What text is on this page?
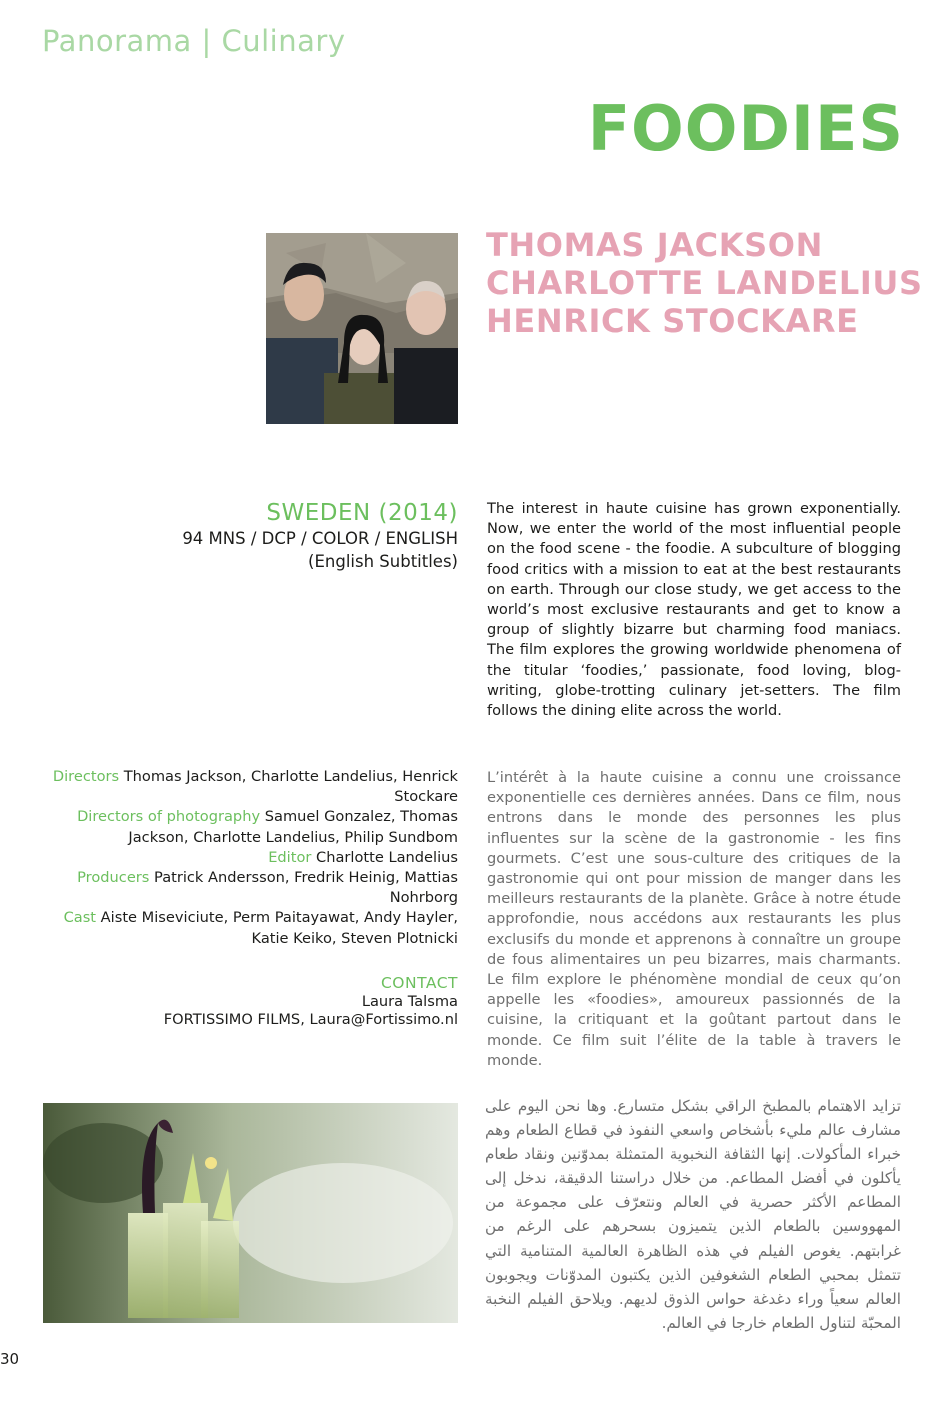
Panorama | Culinary
FOODIES
THOMAS JACKSON
CHARLOTTE LANDELIUS
HENRICK STOCKARE
SWEDEN (2014)
94 MNS / DCP / COLOR / ENGLISH
(English Subtitles)
The interest in haute cuisine has grown exponentially. Now, we enter the world of the most influential people on the food scene - the foodie. A subculture of blogging food critics with a mission to eat at the best restaurants on earth. Through our close study, we get access to the world’s most exclusive restaurants and get to know a group of slightly bizarre but charming food maniacs. The film explores the growing worldwide phenomena of the titular ‘foodies,’ passionate, food loving, blog-writing, globe-trotting culinary jet-setters. The film follows the dining elite across the world.
Directors Thomas Jackson, Charlotte Landelius, Henrick Stockare
Directors of photography Samuel Gonzalez, Thomas Jackson, Charlotte Landelius, Philip Sundbom
Editor Charlotte Landelius
Producers Patrick Andersson, Fredrik Heinig, Mattias Nohrborg
Cast Aiste Miseviciute, Perm Paitayawat, Andy Hayler, Katie Keiko, Steven Plotnicki
CONTACT
Laura Talsma
FORTISSIMO FILMS, Laura@Fortissimo.nl
L’intérêt à la haute cuisine a connu une croissance exponentielle ces dernières années. Dans ce film, nous entrons dans le monde des personnes les plus influentes sur la scène de la gastronomie - les fins gourmets. C’est une sous-culture des critiques de la gastronomie qui ont pour mission de manger dans les meilleurs restaurants de la planète. Grâce à notre étude approfondie, nous accédons aux restaurants les plus exclusifs du monde et apprenons à connaître un groupe de fous alimentaires un peu bizarres, mais charmants. Le film explore le phénomène mondial de ceux qu’on appelle les «foodies», amoureux passionnés de la cuisine, la critiquant et la goûtant partout dans le monde. Ce film suit l’élite de la table à travers le monde.
تزايد الاهتمام بالمطبخ الراقي بشكل متسارع. وها نحن اليوم على مشارف عالم مليء بأشخاص واسعي النفوذ في قطاع الطعام وهم خبراء المأكولات. إنها الثقافة النخبوية المتمثلة بمدوّنين ونقاد طعام يأكلون في أفضل المطاعم. من خلال دراستنا الدقيقة، ندخل إلى المطاعم الأكثر حصرية في العالم ونتعرّف على مجموعة من المهووسين بالطعام الذين يتميزون بسحرهم على الرغم من غرابتهم. يغوص الفيلم في هذه الظاهرة العالمية المتنامية التي تتمثل بمحبي الطعام الشغوفين الذين يكتبون المدوّنات ويجوبون العالم سعياً وراء دغدغة حواس الذوق لديهم. ويلاحق الفيلم النخبة المحبّة لتناول الطعام خارجا في العالم.
30
